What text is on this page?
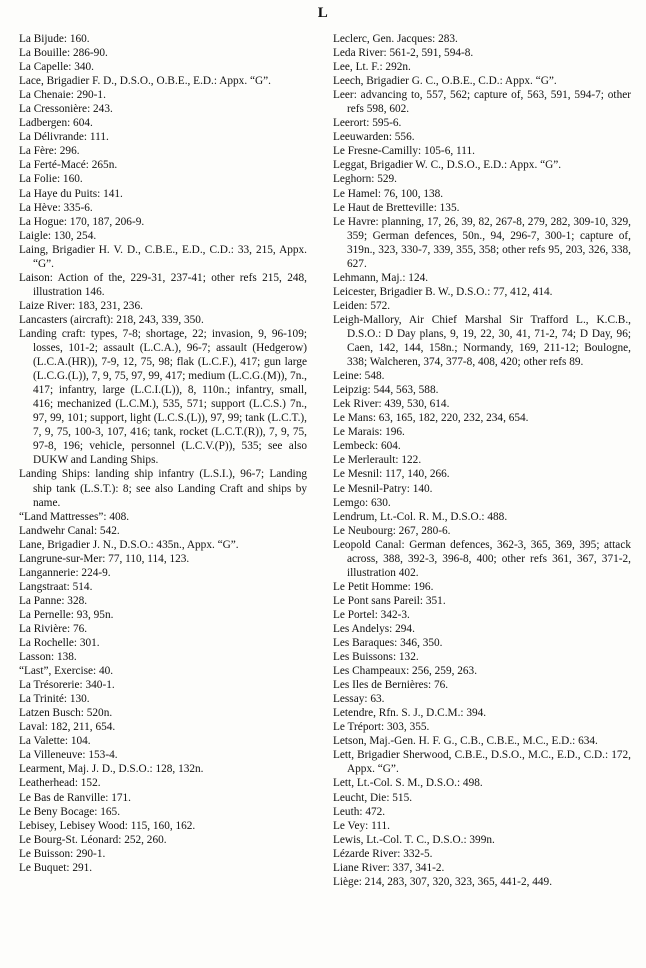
L
La Bijude: 160.
La Bouille: 286-90.
La Capelle: 340.
Lace, Brigadier F. D., D.S.O., O.B.E., E.D.: Appx. “G”.
La Chenaie: 290-1.
La Cressonière: 243.
Ladbergen: 604.
La Délivrande: 111.
La Fère: 296.
La Ferté-Macé: 265n.
La Folie: 160.
La Haye du Puits: 141.
La Hève: 335-6.
La Hogue: 170, 187, 206-9.
Laigle: 130, 254.
Laing, Brigadier H. V. D., C.B.E., E.D., C.D.: 33, 215, Appx. “G”.
Laison: Action of the, 229-31, 237-41; other refs 215, 248, illustration 146.
Laize River: 183, 231, 236.
Lancasters (aircraft): 218, 243, 339, 350.
Landing craft: types, 7-8; shortage, 22; invasion, 9, 96-109; losses, 101-2; assault (L.C.A.), 96-7; assault (Hedgerow) (L.C.A.(HR)), 7-9, 12, 75, 98; flak (L.C.F.), 417; gun large (L.C.G.(L)), 7, 9, 75, 97, 99, 417; medium (L.C.G.(M)), 7n., 417; infantry, large (L.C.I.(L)), 8, 110n.; infantry, small, 416; mechanized (L.C.M.), 535, 571; support (L.C.S.) 7n., 97, 99, 101; support, light (L.C.S.(L)), 97, 99; tank (L.C.T.), 7, 9, 75, 100-3, 107, 416; tank, rocket (L.C.T.(R)), 7, 9, 75, 97-8, 196; vehicle, personnel (L.C.V.(P)), 535; see also DUKW and Landing Ships.
Landing Ships: landing ship infantry (L.S.I.), 96-7; Landing ship tank (L.S.T.): 8; see also Landing Craft and ships by name.
“Land Mattresses”: 408.
Landwehr Canal: 542.
Lane, Brigadier J. N., D.S.O.: 435n., Appx. “G”.
Langrune-sur-Mer: 77, 110, 114, 123.
Langannerie: 224-9.
Langstraat: 514.
La Panne: 328.
La Pernelle: 93, 95n.
La Rivière: 76.
La Rochelle: 301.
Lasson: 138.
“Last”, Exercise: 40.
La Trésorerie: 340-1.
La Trinité: 130.
Latzen Busch: 520n.
Laval: 182, 211, 654.
La Valette: 104.
La Villeneuve: 153-4.
Learment, Maj. J. D., D.S.O.: 128, 132n.
Leatherhead: 152.
Le Bas de Ranville: 171.
Le Beny Bocage: 165.
Lebisey, Lebisey Wood: 115, 160, 162.
Le Bourg-St. Léonard: 252, 260.
Le Buisson: 290-1.
Le Buquet: 291.
Leclerc, Gen. Jacques: 283.
Leda River: 561-2, 591, 594-8.
Lee, Lt. F.: 292n.
Leech, Brigadier G. C., O.B.E., C.D.: Appx. “G”.
Leer: advancing to, 557, 562; capture of, 563, 591, 594-7; other refs 598, 602.
Leerort: 595-6.
Leeuwarden: 556.
Le Fresne-Camilly: 105-6, 111.
Leggat, Brigadier W. C., D.S.O., E.D.: Appx. “G”.
Leghorn: 529.
Le Hamel: 76, 100, 138.
Le Haut de Bretteville: 135.
Le Havre: planning, 17, 26, 39, 82, 267-8, 279, 282, 309-10, 329, 359; German defences, 50n., 94, 296-7, 300-1; capture of, 319n., 323, 330-7, 339, 355, 358; other refs 95, 203, 326, 338, 627.
Lehmann, Maj.: 124.
Leicester, Brigadier B. W., D.S.O.: 77, 412, 414.
Leiden: 572.
Leigh-Mallory, Air Chief Marshal Sir Trafford L., K.C.B., D.S.O.: D Day plans, 9, 19, 22, 30, 41, 71-2, 74; D Day, 96; Caen, 142, 144, 158n.; Normandy, 169, 211-12; Boulogne, 338; Walcheren, 374, 377-8, 408, 420; other refs 89.
Leine: 548.
Leipzig: 544, 563, 588.
Lek River: 439, 530, 614.
Le Mans: 63, 165, 182, 220, 232, 234, 654.
Le Marais: 196.
Lembeck: 604.
Le Merlerault: 122.
Le Mesnil: 117, 140, 266.
Le Mesnil-Patry: 140.
Lemgo: 630.
Lendrum, Lt.-Col. R. M., D.S.O.: 488.
Le Neubourg: 267, 280-6.
Leopold Canal: German defences, 362-3, 365, 369, 395; attack across, 388, 392-3, 396-8, 400; other refs 361, 367, 371-2, illustration 402.
Le Petit Homme: 196.
Le Pont sans Pareil: 351.
Le Portel: 342-3.
Les Andelys: 294.
Les Baraques: 346, 350.
Les Buissons: 132.
Les Champeaux: 256, 259, 263.
Les Iles de Bernières: 76.
Lessay: 63.
Letendre, Rfn. S. J., D.C.M.: 394.
Le Tréport: 303, 355.
Letson, Maj.-Gen. H. F. G., C.B., C.B.E., M.C., E.D.: 634.
Lett, Brigadier Sherwood, C.B.E., D.S.O., M.C., E.D., C.D.: 172, Appx. “G”.
Lett, Lt.-Col. S. M., D.S.O.: 498.
Leucht, Die: 515.
Leuth: 472.
Le Vey: 111.
Lewis, Lt.-Col. T. C., D.S.O.: 399n.
Lézarde River: 332-5.
Liane River: 337, 341-2.
Liège: 214, 283, 307, 320, 323, 365, 441-2, 449.
